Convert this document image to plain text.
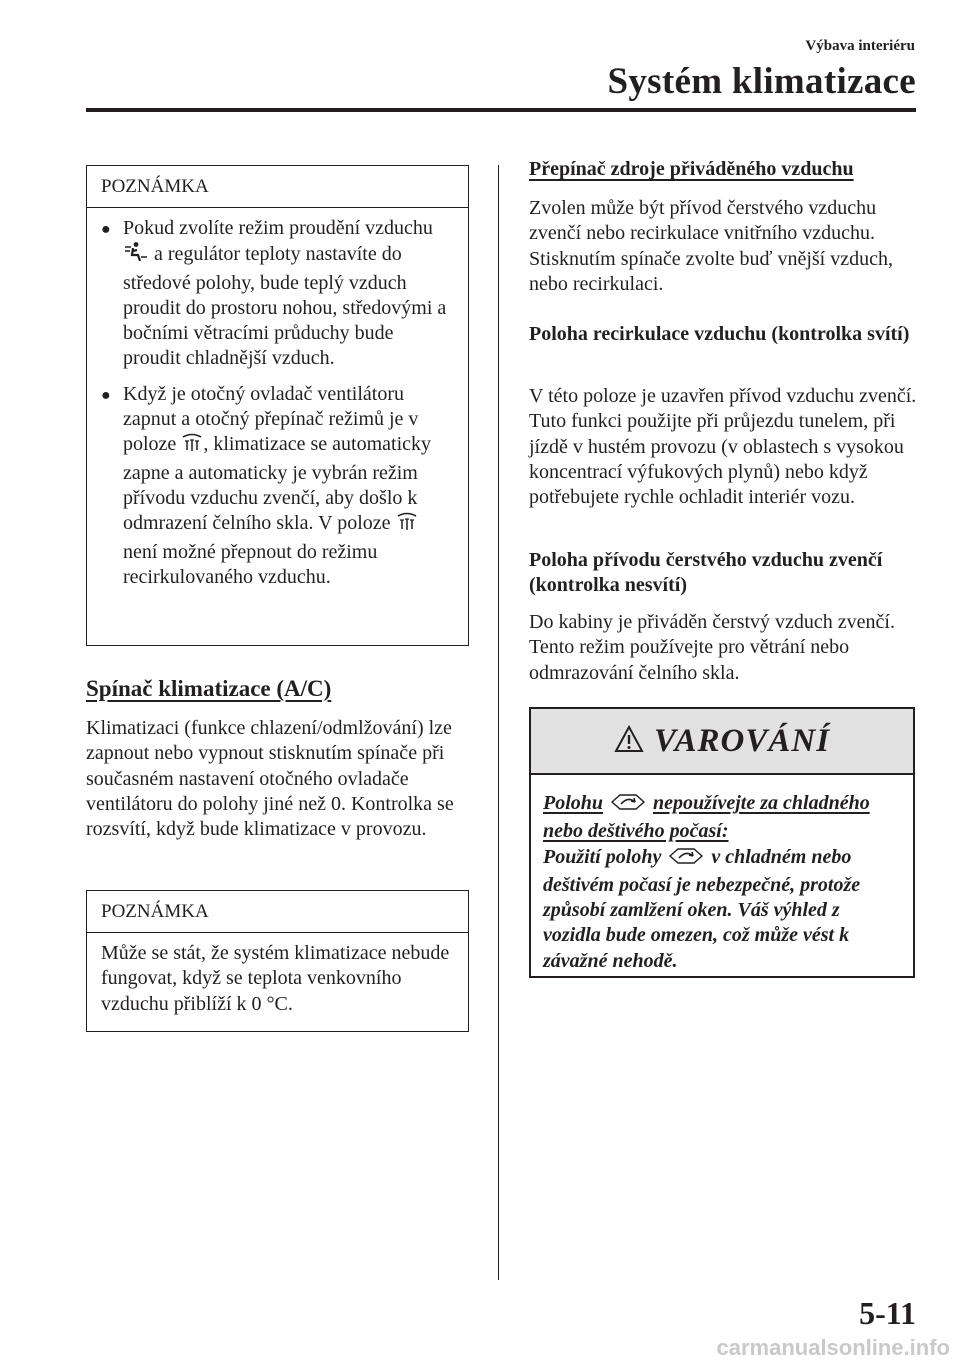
Výbava interiéru
Systém klimatizace
POZNÁMKA
● Pokud zvolíte režim proudění vzduchu  a regulátor teploty nastavíte do středové polohy, bude teplý vzduch proudit do prostoru nohou, středovými a bočními větracími průduchy bude proudit chladnější vzduch.
● Když je otočný ovladač ventilátoru zapnut a otočný přepínač režimů je v poloze , klimatizace se automaticky zapne a automaticky je vybrán režim přívodu vzduchu zvenčí, aby došlo k odmrazení čelního skla. V poloze  není možné přepnout do režimu recirkulovaného vzduchu.
Spínač klimatizace (A/C)
Klimatizaci (funkce chlazení/odmlžování) lze zapnout nebo vypnout stisknutím spínače při současném nastavení otočného ovladače ventilátoru do polohy jiné než 0. Kontrolka se rozsvítí, když bude klimatizace v provozu.
POZNÁMKA
Může se stát, že systém klimatizace nebude fungovat, když se teplota venkovního vzduchu přiblíží k 0 °C.
Přepínač zdroje přiváděného vzduchu
Zvolen může být přívod čerstvého vzduchu zvenčí nebo recirkulace vnitřního vzduchu. Stisknutím spínače zvolte buď vnější vzduch, nebo recirkulaci.
Poloha recirkulace vzduchu (kontrolka svítí)
V této poloze je uzavřen přívod vzduchu zvenčí. Tuto funkci použijte při průjezdu tunelem, při jízdě v hustém provozu (v oblastech s vysokou koncentrací výfukových plynů) nebo když potřebujete rychle ochladit interiér vozu.
Poloha přívodu čerstvého vzduchu zvenčí (kontrolka nesvítí)
Do kabiny je přiváděn čerstvý vzduch zvenčí. Tento režim používejte pro větrání nebo odmrazování čelního skla.
VAROVÁNÍ
Polohu	nepoužívejte za chladného nebo deštivého počasí:
Použití polohy	v chladném nebo deštivém počasí je nebezpečné, protože způsobí zamlžení oken. Váš výhled z vozidla bude omezen, což může vést k závažné nehodě.
5-11
carmanualsonline.info
